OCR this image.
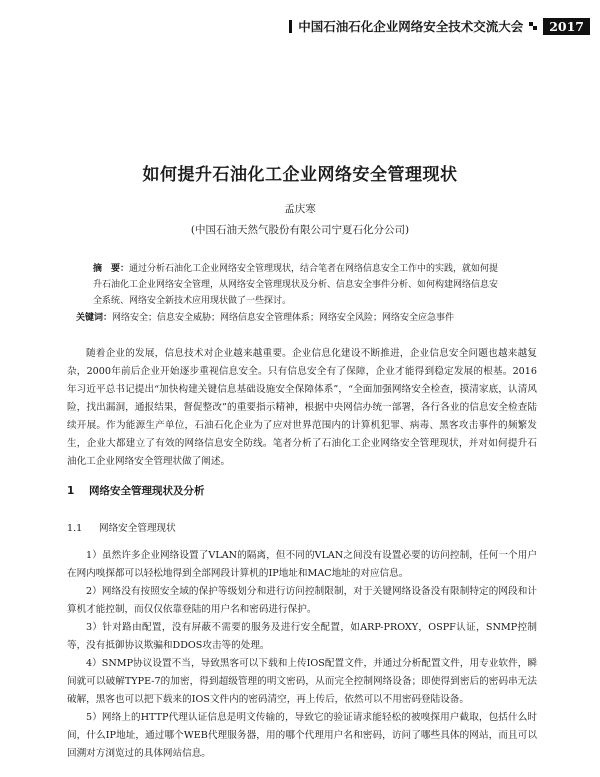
中国石油石化企业网络安全技术交流大会	2017
如何提升石油化工企业网络安全管理现状
孟庆寒
(中国石油天然气股份有限公司宁夏石化分公司)
摘　要：通过分析石油化工企业网络安全管理现状，结合笔者在网络信息安全工作中的实践，就如何提升石油化工企业网络安全管理，从网络安全管理现状及分析、信息安全事件分析、如何构建网络信息安全系统、网络安全新技术应用现状做了一些探讨。
关键词：网络安全；信息安全威胁；网络信息安全管理体系；网络安全风险；网络安全应急事件
随着企业的发展，信息技术对企业越来越重要。企业信息化建设不断推进，企业信息安全问题也越来越复杂，2000年前后企业开始逐步重视信息安全。只有信息安全有了保障，企业才能得到稳定发展的根基。2016年习近平总书记提出“加快构建关键信息基础设施安全保障体系”，“全面加强网络安全检查，摸清家底，认清风险，找出漏洞，通报结果，督促整改”的重要指示精神，根据中央网信办统一部署，各行各业的信息安全检查陆续开展。作为能源生产单位，石油石化企业为了应对世界范围内的计算机犯罪、病毒、黑客攻击事件的频繁发生，企业大都建立了有效的网络信息安全防线。笔者分析了石油化工企业网络安全管理现状，并对如何提升石油化工企业网络安全管理状做了阐述。
1 网络安全管理现状及分析
1.1 网络安全管理现状

1）虽然许多企业网络设置了VLAN的隔离，但不同的VLAN之间没有设置必要的访问控制，任何一个用户在网内嗅探都可以轻松地得到全部网段计算机的IP地址和MAC地址的对应信息。

2）网络没有按照安全域的保护等级划分和进行访问控制限制，对于关键网络设备没有限制特定的网段和计算机才能控制，而仅仅依靠登陆的用户名和密码进行保护。

3）针对路由配置，没有屏蔽不需要的服务及进行安全配置，如ARP-PROXY，OSPF认证，SNMP控制等，没有抵御协议欺骗和DDOS攻击等的处理。

4）SNMP协议设置不当，导致黑客可以下载和上传IOS配置文件，并通过分析配置文件，用专业软件，瞬间就可以破解TYPE-7的加密，得到超级管理的明文密码，从而完全控制网络设备；即使得到密后的密码串无法破解，黑客也可以把下载来的IOS文件内的密码清空，再上传后，依然可以不用密码登陆设备。

5）网络上的HTTP代理认证信息是明文传输的，导致它的验证请求能轻松的被嗅探用户截取，包括什么时间，什么IP地址，通过哪个WEB代理服务器，用的哪个代理用户名和密码，访问了哪些具体的网站，而且可以回溯对方浏览过的具体网站信息。
